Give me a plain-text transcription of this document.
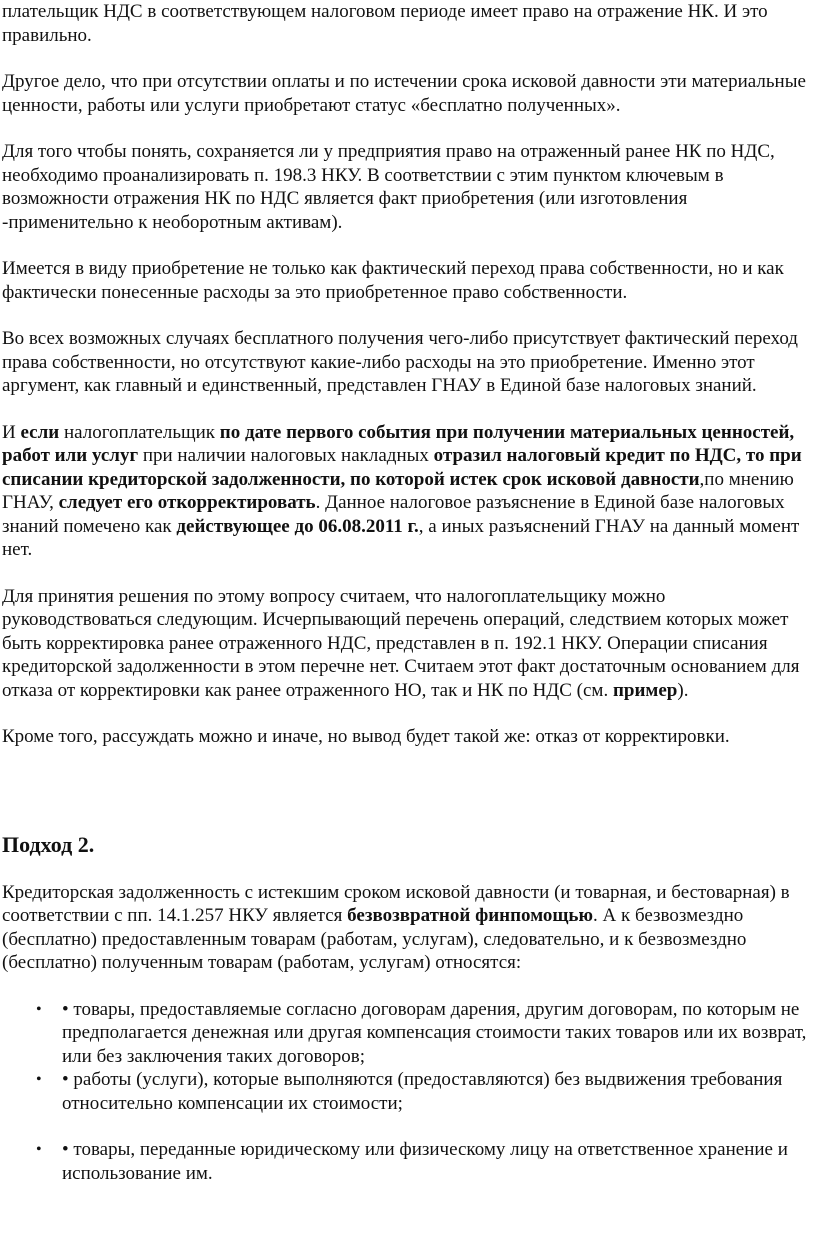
плательщик НДС в соответствующем налоговом периоде имеет право на отражение НК. И это правильно.

Другое дело, что при отсутствии оплаты и по истечении срока исковой давности эти материальные ценности, работы или услуги приобретают статус «бесплатно полученных».

Для того чтобы понять, сохраняется ли у предприятия право на отраженный ранее НК по НДС, необходимо проанализировать п. 198.3 НКУ. В соответствии с этим пунктом ключевым в возможности отражения НК по НДС является факт приобретения (или изготовления -применительно к необоротным активам).

Имеется в виду приобретение не только как фактический переход права собственности, но и как фактически понесенные расходы за это приобретенное право собственности.

Во всех возможных случаях бесплатного получения чего-либо присутствует фактический переход права собственности, но отсутствуют какие-либо расходы на это приобретение. Именно этот аргумент, как главный и единственный, представлен ГНАУ в Единой базе налоговых знаний.

И если налогоплательщик по дате первого события при получении материальных ценностей, работ или услуг при наличии налоговых накладных отразил налоговый кредит по НДС, то при списании кредиторской задолженности, по которой истек срок исковой давности,по мнению ГНАУ, следует его откорректировать. Данное налоговое разъяснение в Единой базе налоговых знаний помечено как действующее до 06.08.2011 г., а иных разъяснений ГНАУ на данный момент нет.

Для принятия решения по этому вопросу считаем, что налогоплательщику можно руководствоваться следующим. Исчерпывающий перечень операций, следствием которых может быть корректировка ранее отраженного НДС, представлен в п. 192.1 НКУ. Операции списания кредиторской задолженности в этом перечне нет. Считаем этот факт достаточным основанием для отказа от корректировки как ранее отраженного НО, так и НК по НДС (см. пример).

Кроме того, рассуждать можно и иначе, но вывод будет такой же: отказ от корректировки.

Подход 2.

Кредиторская задолженность с истекшим сроком исковой давности (и товарная, и бестоварная) в соответствии с пп. 14.1.257 НКУ является безвозвратной финпомощью. А к безвозмездно (бесплатно) предоставленным товарам (работам, услугам), следовательно, и к безвозмездно (бесплатно) полученным товарам (работам, услугам) относятся:

• • товары, предоставляемые согласно договорам дарения, другим договорам, по которым не предполагается денежная или другая компенсация стоимости таких товаров или их возврат, или без заключения таких договоров;
• • работы (услуги), которые выполняются (предоставляются) без выдвижения требования относительно компенсации их стоимости;
• • товары, переданные юридическому или физическому лицу на ответственное хранение и использование им.
